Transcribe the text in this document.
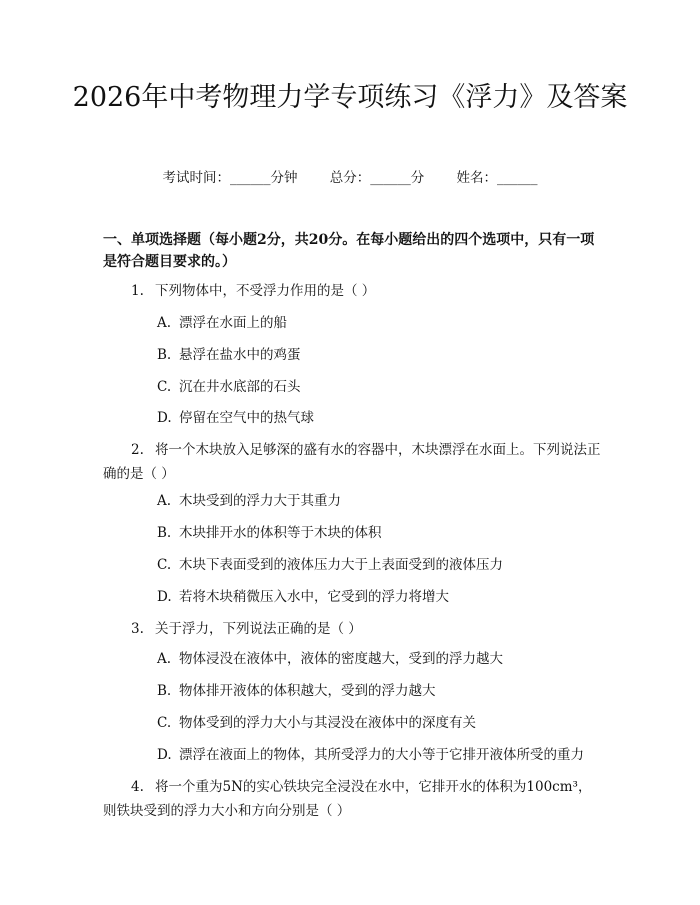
2026年中考物理力学专项练习《浮力》及答案
考试时间：______分钟 总分：______分 姓名：______
一、单项选择题（每小题2分，共20分。在每小题给出的四个选项中，只有一项是符合题目要求的。）
1. 下列物体中，不受浮力作用的是（ ）
A. 漂浮在水面上的船
B. 悬浮在盐水中的鸡蛋
C. 沉在井水底部的石头
D. 停留在空气中的热气球
2. 将一个木块放入足够深的盛有水的容器中，木块漂浮在水面上。下列说法正确的是（ ）
A. 木块受到的浮力大于其重力
B. 木块排开水的体积等于木块的体积
C. 木块下表面受到的液体压力大于上表面受到的液体压力
D. 若将木块稍微压入水中，它受到的浮力将增大
3. 关于浮力，下列说法正确的是（ ）
A. 物体浸没在液体中，液体的密度越大，受到的浮力越大
B. 物体排开液体的体积越大，受到的浮力越大
C. 物体受到的浮力大小与其浸没在液体中的深度有关
D. 漂浮在液面上的物体，其所受浮力的大小等于它排开液体所受的重力
4. 将一个重为5N的实心铁块完全浸没在水中，它排开水的体积为100cm³，则铁块受到的浮力大小和方向分别是（ ）
